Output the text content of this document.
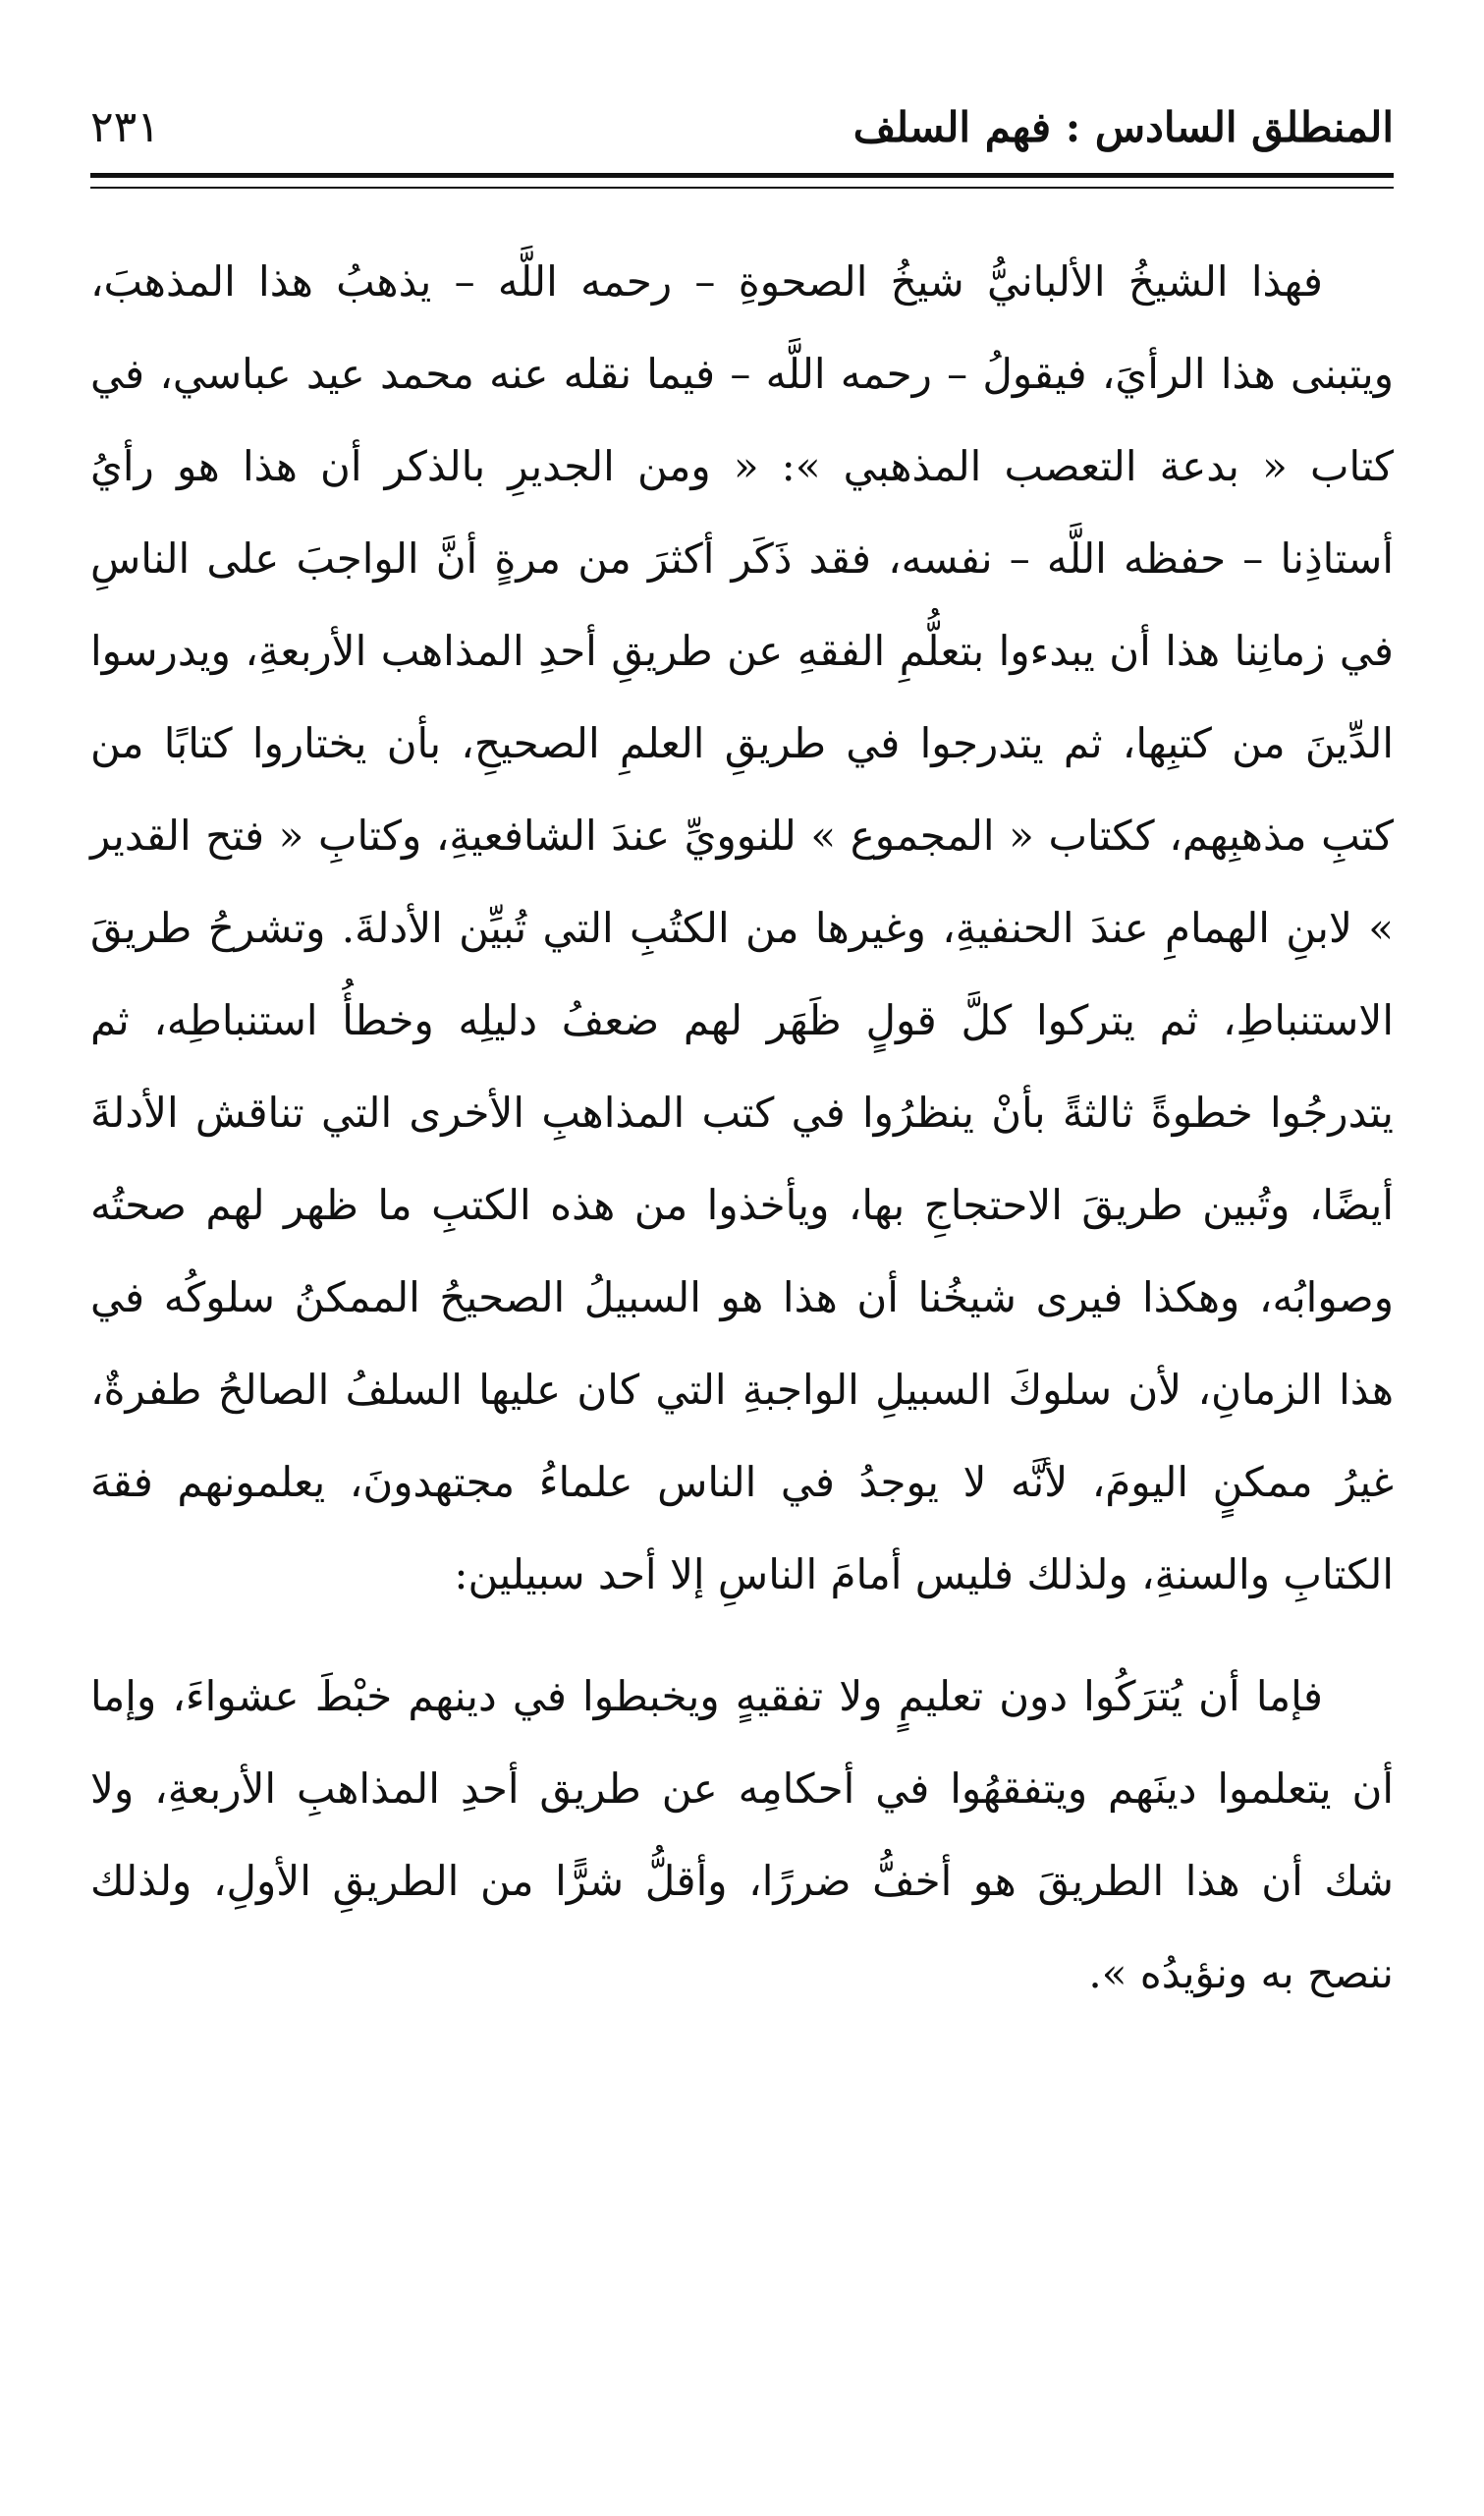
المنطلق السادس : فهم السلف
٢٣١

فهذا الشيخُ الألبانيُّ شيخُ الصحوةِ – رحمه اللَّه – يذهبُ هذا المذهبَ، ويتبنى هذا الرأيَ، فيقولُ – رحمه اللَّه – فيما نقله عنه محمد عيد عباسي، في كتاب « بدعة التعصب المذهبي »: « ومن الجديرِ بالذكر أن هذا هو رأيُ أستاذِنا – حفظه اللَّه – نفسه، فقد ذَكَر أكثرَ من مرةٍ أنَّ الواجبَ على الناسِ في زمانِنا هذا أن يبدءوا بتعلُّمِ الفقهِ عن طريقِ أحدِ المذاهب الأربعةِ، ويدرسوا الدِّينَ من كتبِها، ثم يتدرجوا في طريقِ العلمِ الصحيحِ، بأن يختاروا كتابًا من كتبِ مذهبِهم، ككتاب « المجموع » للنوويِّ عندَ الشافعيةِ، وكتابِ « فتح القدير » لابنِ الهمامِ عندَ الحنفيةِ، وغيرها من الكتُبِ التي تُبيِّن الأدلةَ. وتشرحُ طريقَ الاستنباطِ، ثم يتركوا كلَّ قولٍ ظَهَر لهم ضعفُ دليلِه وخطأُ استنباطِه، ثم يتدرجُوا خطوةً ثالثةً بأنْ ينظرُوا في كتب المذاهبِ الأخرى التي تناقش الأدلةَ أيضًا، وتُبين طريقَ الاحتجاجِ بها، ويأخذوا من هذه الكتبِ ما ظهر لهم صحتُه وصوابُه، وهكذا فيرى شيخُنا أن هذا هو السبيلُ الصحيحُ الممكنُ سلوكُه في هذا الزمانِ، لأن سلوكَ السبيلِ الواجبةِ التي كان عليها السلفُ الصالحُ طفرةٌ، غيرُ ممكنٍ اليومَ، لأنَّه لا يوجدُ في الناس علماءُ مجتهدونَ، يعلمونهم فقهَ الكتابِ والسنةِ، ولذلك فليس أمامَ الناسِ إلا أحد سبيلين:

فإما أن يُترَكُوا دون تعليمٍ ولا تفقيهٍ ويخبطوا في دينهم خبْطَ عشواءَ، وإما أن يتعلموا دينَهم ويتفقهُوا في أحكامِه عن طريق أحدِ المذاهبِ الأربعةِ، ولا شك أن هذا الطريقَ هو أخفُّ ضررًا، وأقلُّ شرًّا من الطريقِ الأولِ، ولذلك ننصح به ونؤيدُه ».
